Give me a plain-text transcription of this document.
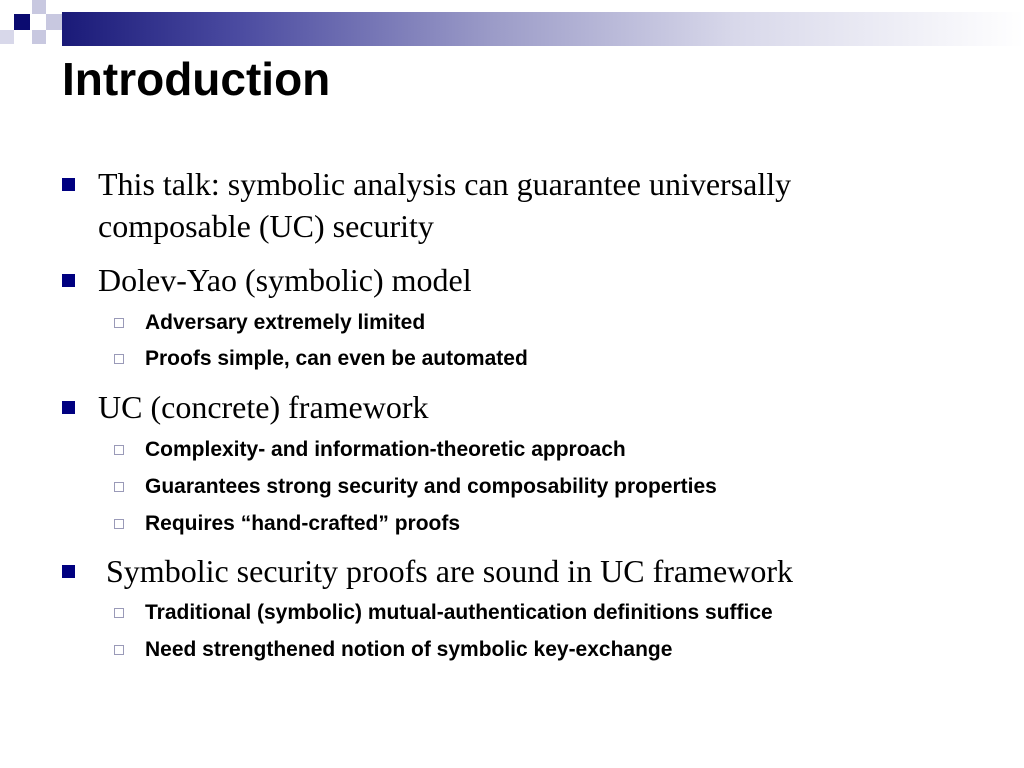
Introduction
This talk: symbolic analysis can guarantee universally
composable (UC) security
Dolev-Yao (symbolic) model
Adversary extremely limited
Proofs simple, can even be automated
UC (concrete) framework
Complexity- and information-theoretic approach
Guarantees strong security and composability properties
Requires “hand-crafted” proofs
Symbolic security proofs are sound in UC framework
Traditional (symbolic) mutual-authentication definitions suffice
Need strengthened notion of symbolic key-exchange
